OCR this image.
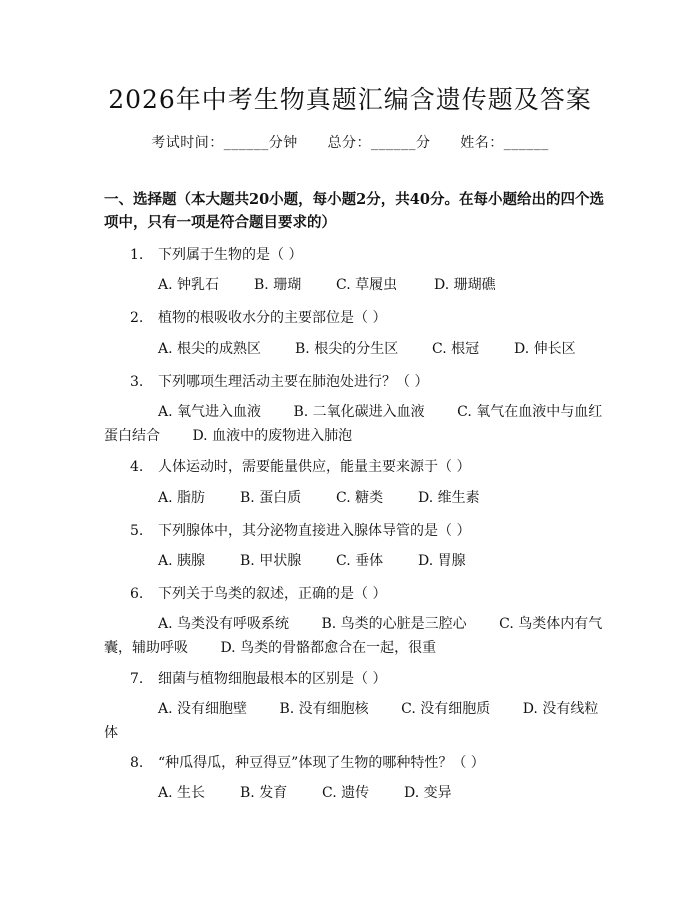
2026年中考生物真题汇编含遗传题及答案
考试时间：______分钟      总分：______分      姓名：______
一、选择题（本大题共20小题，每小题2分，共40分。在每小题给出的四个选项中，只有一项是符合题目要求的）
1. 下列属于生物的是（ ）
A. 钟乳石 B. 珊瑚 C. 草履虫	D. 珊瑚礁
2. 植物的根吸收水分的主要部位是（ ）
A. 根尖的成熟区 B. 根尖的分生区 C. 根冠 D. 伸长区
3. 下列哪项生理活动主要在肺泡处进行？（ ）
A. 氧气进入血液　　 B. 二氧化碳进入血液　　 C. 氧气在血液中与血红蛋白结合　　 D. 血液中的废物进入肺泡
4. 人体运动时，需要能量供应，能量主要来源于（ ）
A. 脂肪 B. 蛋白质 C. 糖类 D. 维生素
5. 下列腺体中，其分泌物直接进入腺体导管的是（ ）
A. 胰腺 B. 甲状腺 C. 垂体 D. 胃腺
6. 下列关于鸟类的叙述，正确的是（ ）
A. 鸟类没有呼吸系统　　 B. 鸟类的心脏是三腔心　　 C. 鸟类体内有气囊，辅助呼吸　　 D. 鸟类的骨骼都愈合在一起，很重
7. 细菌与植物细胞最根本的区别是（ ）
A. 没有细胞壁　　 B. 没有细胞核　　 C. 没有细胞质　　 D. 没有线粒体
8. “种瓜得瓜，种豆得豆”体现了生物的哪种特性？（ ）
A. 生长 B. 发育 C. 遗传 D. 变异
